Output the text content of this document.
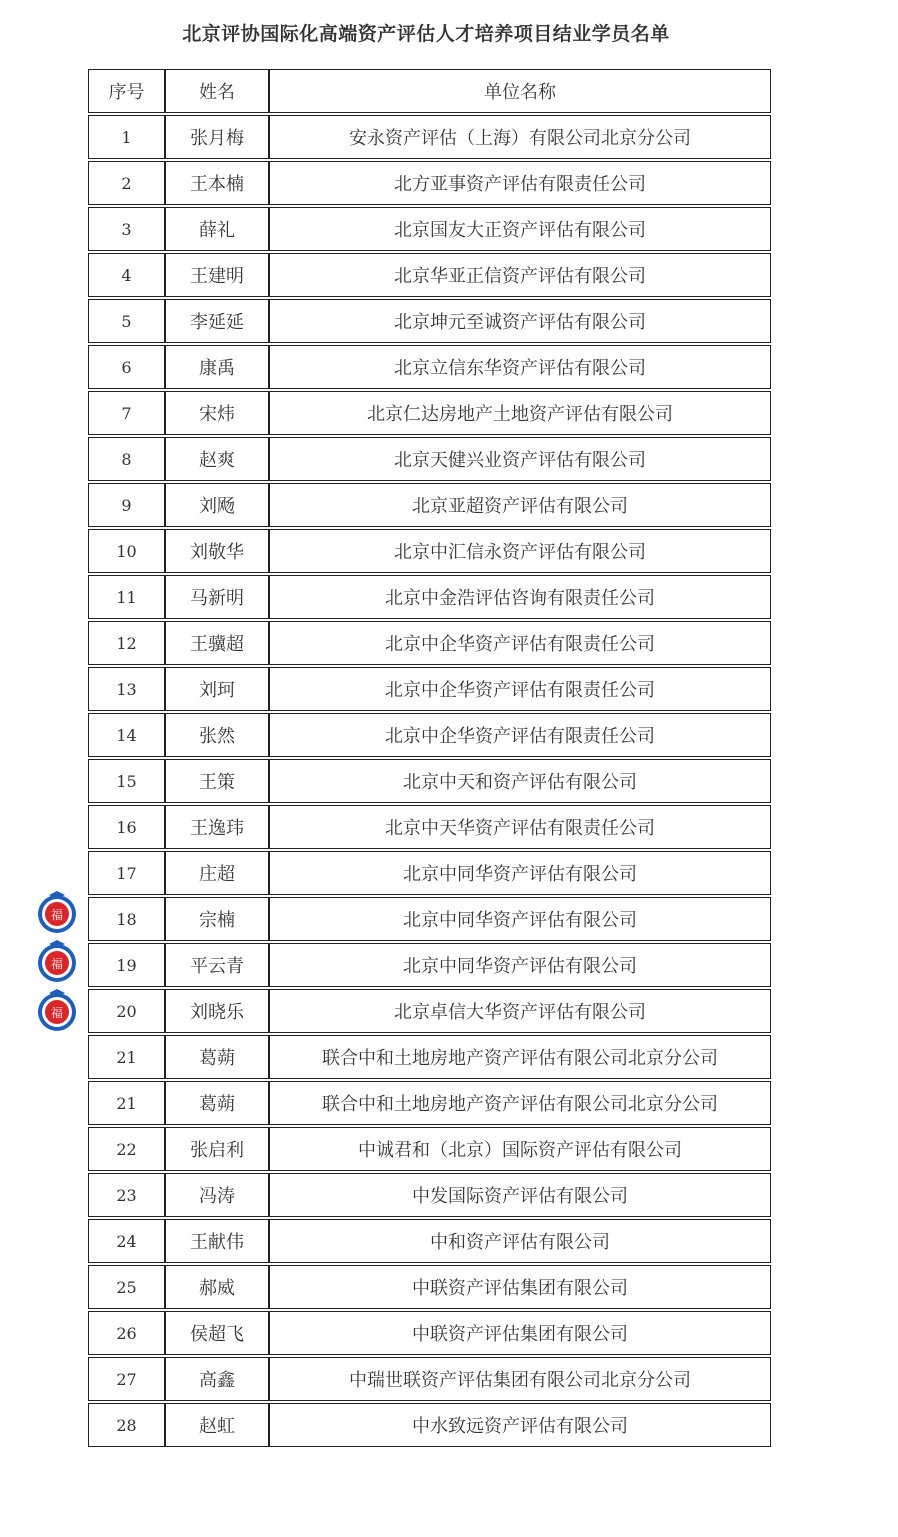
北京评协国际化高端资产评估人才培养项目结业学员名单
序号	姓名	单位名称
1	张月梅	安永资产评估（上海）有限公司北京分公司
2	王本楠	北方亚事资产评估有限责任公司
3	薛礼	北京国友大正资产评估有限公司
4	王建明	北京华亚正信资产评估有限公司
5	李延延	北京坤元至诚资产评估有限公司
6	康禹	北京立信东华资产评估有限公司
7	宋炜	北京仁达房地产土地资产评估有限公司
8	赵爽	北京天健兴业资产评估有限公司
9	刘飏	北京亚超资产评估有限公司
10	刘敬华	北京中汇信永资产评估有限公司
11	马新明	北京中金浩评估咨询有限责任公司
12	王骥超	北京中企华资产评估有限责任公司
13	刘珂	北京中企华资产评估有限责任公司
14	张然	北京中企华资产评估有限责任公司
15	王策	北京中天和资产评估有限公司
16	王逸玮	北京中天华资产评估有限责任公司
17	庄超	北京中同华资产评估有限公司
18	宗楠	北京中同华资产评估有限公司
19	平云青	北京中同华资产评估有限公司
20	刘晓乐	北京卓信大华资产评估有限公司
21	葛蒴	联合中和土地房地产资产评估有限公司北京分公司
21	葛蒴	联合中和土地房地产资产评估有限公司北京分公司
22	张启利	中诚君和（北京）国际资产评估有限公司
23	冯涛	中发国际资产评估有限公司
24	王献伟	中和资产评估有限公司
25	郝威	中联资产评估集团有限公司
26	侯超飞	中联资产评估集团有限公司
27	高鑫	中瑞世联资产评估集团有限公司北京分公司
28	赵虹	中水致远资产评估有限公司
福
福
福
